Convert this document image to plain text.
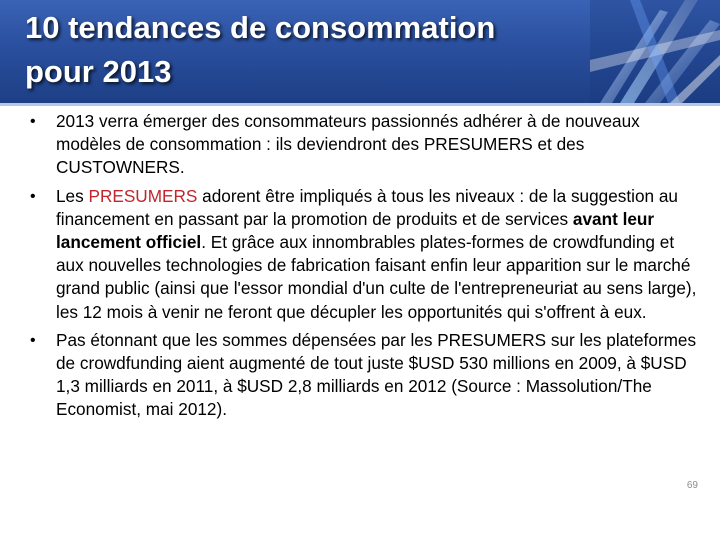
10 tendances de consommation
pour 2013
•	2013 verra émerger des consommateurs passionnés adhérer à de nouveaux modèles de consommation : ils deviendront des PRESUMERS et des CUSTOWNERS.
•	Les PRESUMERS adorent être impliqués à tous les niveaux : de la suggestion au financement en passant par la promotion de produits et de services avant leur lancement officiel. Et grâce aux innombrables plates-formes de crowdfunding et aux nouvelles technologies de fabrication faisant enfin leur apparition sur le marché grand public (ainsi que l'essor mondial d'un culte de l'entrepreneuriat au sens large), les 12 mois à venir ne feront que décupler les opportunités qui s'offrent à eux.
•	Pas étonnant que les sommes dépensées par les PRESUMERS sur les plateformes de crowdfunding aient augmenté de tout juste $USD 530 millions en 2009, à $USD 1,3 milliards en 2011, à $USD 2,8 milliards en 2012 (Source : Massolution/The Economist, mai 2012).
69
